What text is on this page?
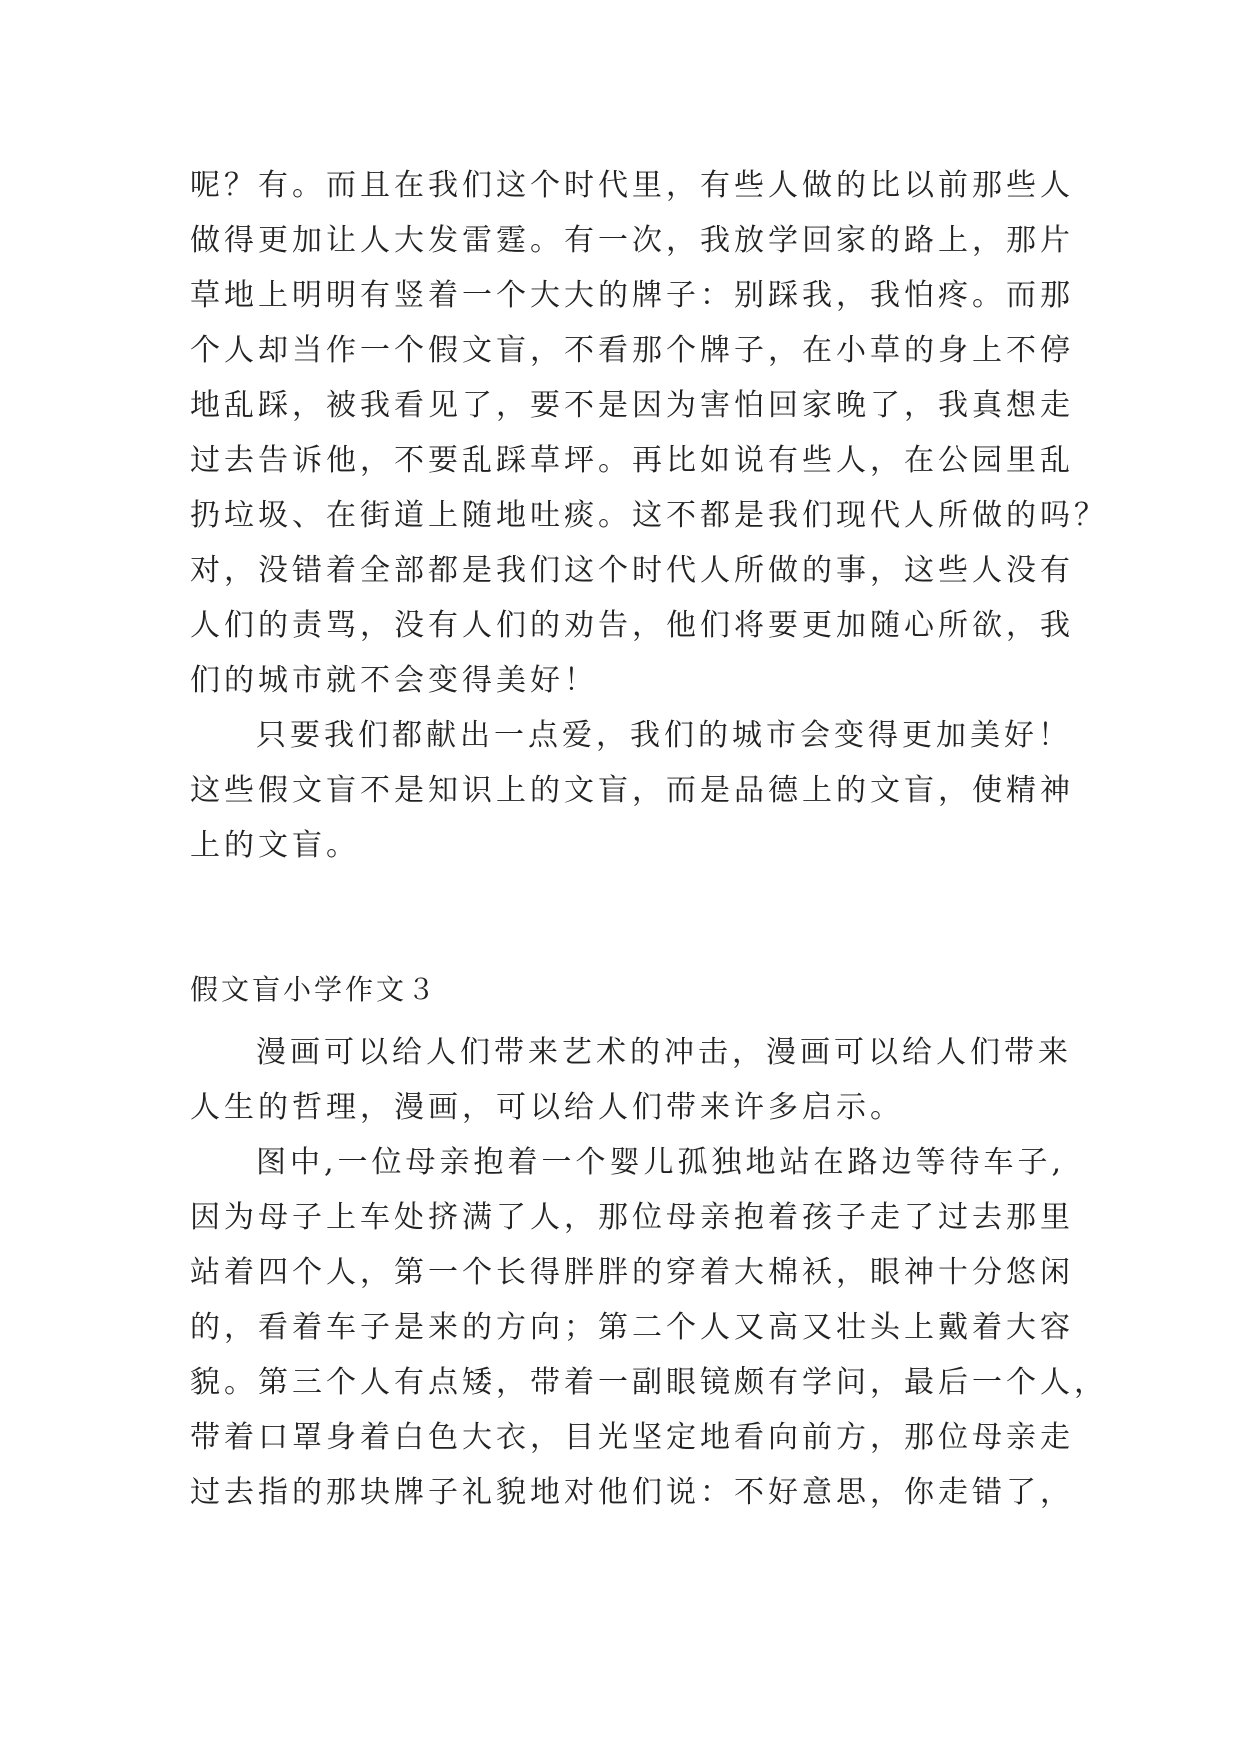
呢？有。而且在我们这个时代里，有些人做的比以前那些人
做得更加让人大发雷霆。有一次，我放学回家的路上，那片
草地上明明有竖着一个大大的牌子：别踩我，我怕疼。而那
个人却当作一个假文盲，不看那个牌子，在小草的身上不停
地乱踩，被我看见了，要不是因为害怕回家晚了，我真想走
过去告诉他，不要乱踩草坪。再比如说有些人，在公园里乱
扔垃圾、在街道上随地吐痰。这不都是我们现代人所做的吗？
对，没错着全部都是我们这个时代人所做的事，这些人没有
人们的责骂，没有人们的劝告，他们将要更加随心所欲，我
们的城市就不会变得美好！
只要我们都献出一点爱，我们的城市会变得更加美好！
这些假文盲不是知识上的文盲，而是品德上的文盲，使精神
上的文盲。
假文盲小学作文３
漫画可以给人们带来艺术的冲击，漫画可以给人们带来
人生的哲理，漫画，可以给人们带来许多启示。
图中,一位母亲抱着一个婴儿孤独地站在路边等待车子,
因为母子上车处挤满了人，那位母亲抱着孩子走了过去那里
站着四个人，第一个长得胖胖的穿着大棉袄，眼神十分悠闲
的，看着车子是来的方向；第二个人又高又壮头上戴着大容
貌。第三个人有点矮，带着一副眼镜颇有学问，最后一个人，
带着口罩身着白色大衣，目光坚定地看向前方，那位母亲走
过去指的那块牌子礼貌地对他们说：不好意思，你走错了，
